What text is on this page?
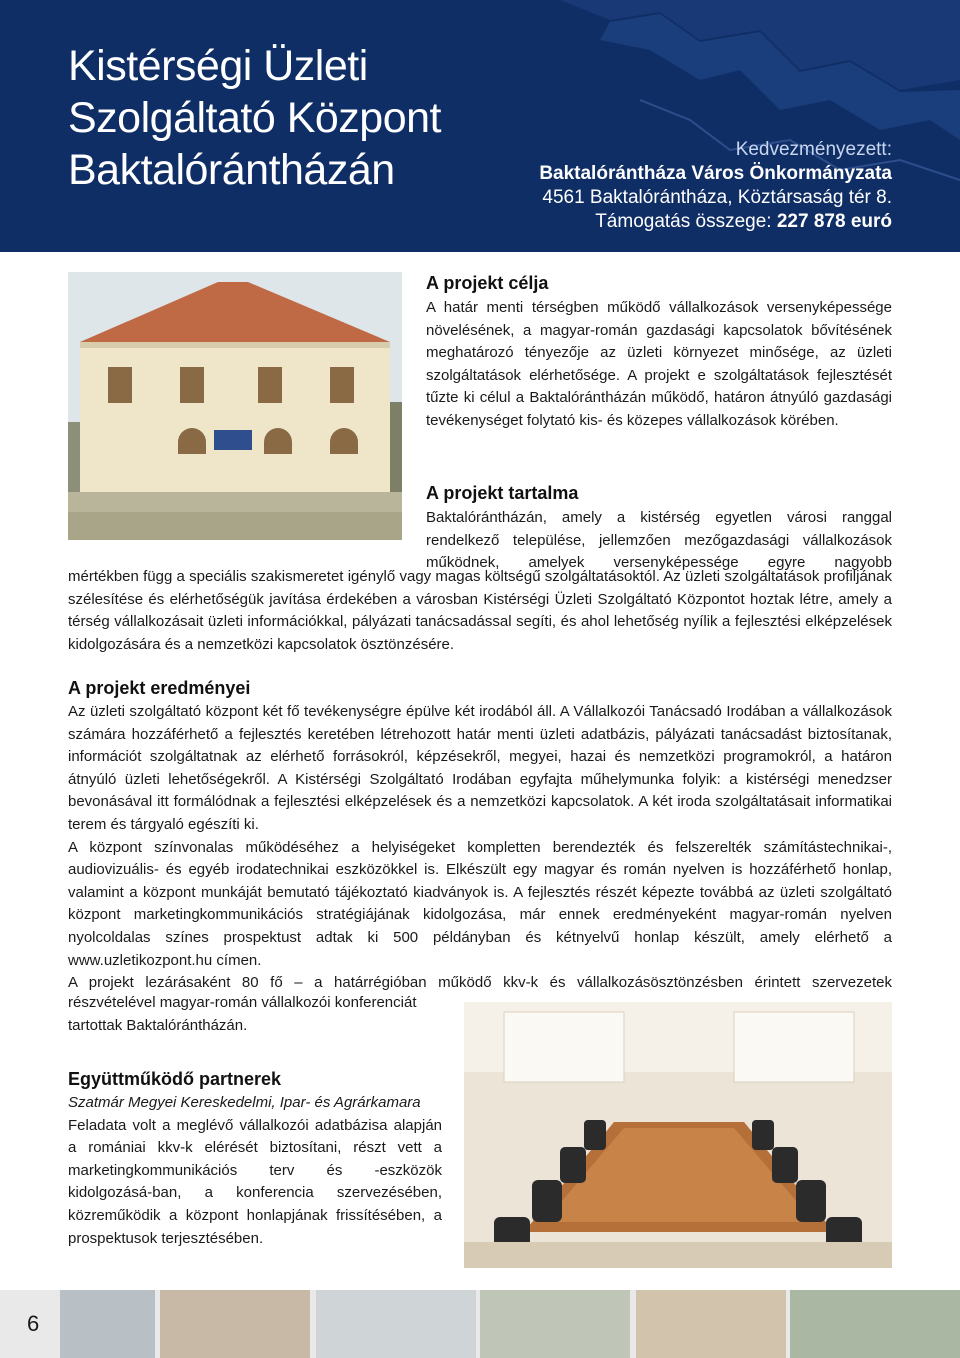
Kistérségi Üzleti
Szolgáltató Központ
Baktalórántházán	Kedvezményezett:
Baktalórántháza Város Önkormányzata
4561 Baktalórántháza, Köztársaság tér 8.
Támogatás összege: 227 878 euró
A projekt célja

A határ menti térségben működő vállalkozások versenyképessége növelésének, a magyar-román gazdasági kapcsolatok bővítésének meghatározó tényezője az üzleti környezet minősége, az üzleti szolgáltatások elérhetősége. A projekt e szolgáltatások fejlesztését tűzte ki célul a Baktalórántházán működő, határon átnyúló gazdasági tevékenységet folytató kis- és közepes vállalkozások körében.

A projekt tartalma

Baktalórántházán, amely a kistérség egyetlen városi ranggal rendelkező települése, jellemzően mezőgazdasági vállalkozások működnek, amelyek versenyképessége egyre nagyobb

mértékben függ a speciális szakismeretet igénylő vagy magas költségű szolgáltatásoktól. Az üzleti szolgáltatások profiljának szélesítése és elérhetőségük javítása érdekében a városban Kistérségi Üzleti Szolgáltató Központot hoztak létre, amely a térség vállalkozásait üzleti információkkal, pályázati tanácsadással segíti, és ahol lehetőség nyílik a fejlesztési elképzelések kidolgozására és a nemzetközi kapcsolatok ösztönzésére.

A projekt eredményei

Az üzleti szolgáltató központ két fő tevékenységre épülve két irodából áll. A Vállalkozói Tanácsadó Irodában a vállalkozások számára hozzáférhető a fejlesztés keretében létrehozott határ menti üzleti adatbázis, pályázati tanácsadást biztosítanak, információt szolgáltatnak az elérhető forrásokról, képzésekről, megyei, hazai és nemzetközi programokról, a határon átnyúló üzleti lehetőségekről. A Kistérségi Szolgáltató Irodában egyfajta műhelymunka folyik: a kistérségi menedzser bevonásával itt formálódnak a fejlesztési elképzelések és a nemzetközi kapcsolatok. A két iroda szolgáltatásait informatikai terem és tárgyaló egészíti ki.

A központ színvonalas működéséhez a helyiségeket kompletten berendezték és felszerelték számítástechnikai-, audiovizuális- és egyéb irodatechnikai eszközökkel is. Elkészült egy magyar és román nyelven is hozzáférhető honlap, valamint a központ munkáját bemutató tájékoztató kiadványok is. A fejlesztés részét képezte továbbá az üzleti szolgáltató központ marketingkommunikációs stratégiájának kidolgozása, már ennek eredményeként magyar-román nyelven nyolcoldalas színes prospektust adtak ki 500 példányban és kétnyelvű honlap készült, amely elérhető a www.uzletikozpont.hu címen.

A projekt lezárásaként 80 fő – a határrégióban működő kkv-k és vállalkozásösztönzésben érintett szervezetek

részvételével magyar-román vállalkozói konferenciát tartottak Baktalórántházán.

Együttműködő partnerek

Szatmár Megyei Kereskedelmi, Ipar- és Agrárkamara

Feladata volt a meglévő vállalkozói adatbázisa alapján a romániai kkv-k elérését biztosítani, részt vett a marketingkommunikációs terv és -eszközök kidolgozásá-ban, a konferencia szervezésében, közreműködik a központ honlapjának frissítésében, a prospektusok terjesztésében.

6
